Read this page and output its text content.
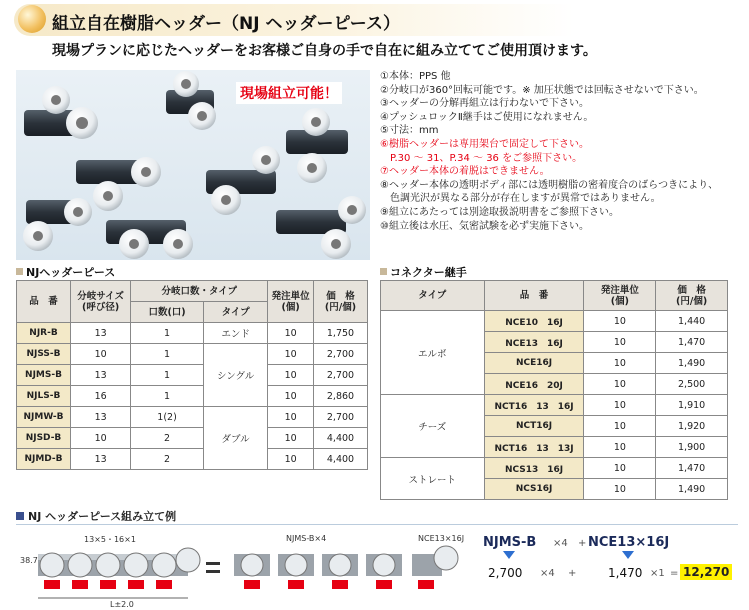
組立自在樹脂ヘッダー（NJ ヘッダーピース）
現場プランに応じたヘッダーをお客様ご自身の手で自在に組み立ててご使用頂けます。
現場組立可能！
①本体：PPS 他
②分岐口が360°回転可能です。※ 加圧状態では回転させないで下さい。
③ヘッダーの分解再組立は行わないで下さい。
④プッシュロックⅡ継手はご使用になれません。
⑤寸法：mm
⑥樹脂ヘッダーは専用架台で固定して下さい。
　P.30 ～ 31、P.34 ～ 36 をご参照下さい。
⑦ヘッダー本体の着脱はできません。
⑧ヘッダー本体の透明ボディ部には透明樹脂の密着度合のばらつきにより、
　色調光沢が異なる部分が存在しますが異常ではありません。
⑨組立にあたっては別途取扱説明書をご参照下さい。
⑩組立後は水圧、気密試験を必ず実施下さい。
NJヘッダーピース
品　番	分岐サイズ
(呼び径)	分岐口数・タイプ		発注単位
(個)	価　格
(円/個)
		口数(口)	タイプ		
NJR-B	13	1	エンド	10	1,750
NJSS-B	10	1	シングル	10	2,700
NJMS-B	13	1		10	2,700
NJLS-B	16	1		10	2,860
NJMW-B	13	1(2)	ダブル	10	2,700
NJSD-B	10	2		10	4,400
NJMD-B	13	2		10	4,400
コネクター継手
タイプ	品　番	発注単位
(個)	価　格
(円/個)
エルボ	NCE10　16J	10	1,440
	NCE13　16J	10	1,470
	NCE16J	10	1,490
	NCE16　20J	10	2,500
チーズ	NCT16　13　16J	10	1,910
	NCT16J	10	1,920
	NCT16　13　13J	10	1,900
ストレート	NCS13　16J	10	1,470
	NCS16J	10	1,490
NJ ヘッダーピース組み立て例
13×5・16×1	NJMS-B×4	NCE13×16J
38.7
L±2.0
NJMS-B ×4 + NCE13×16J
2,700 ×4 +	1,470 ×1 = 12,270
